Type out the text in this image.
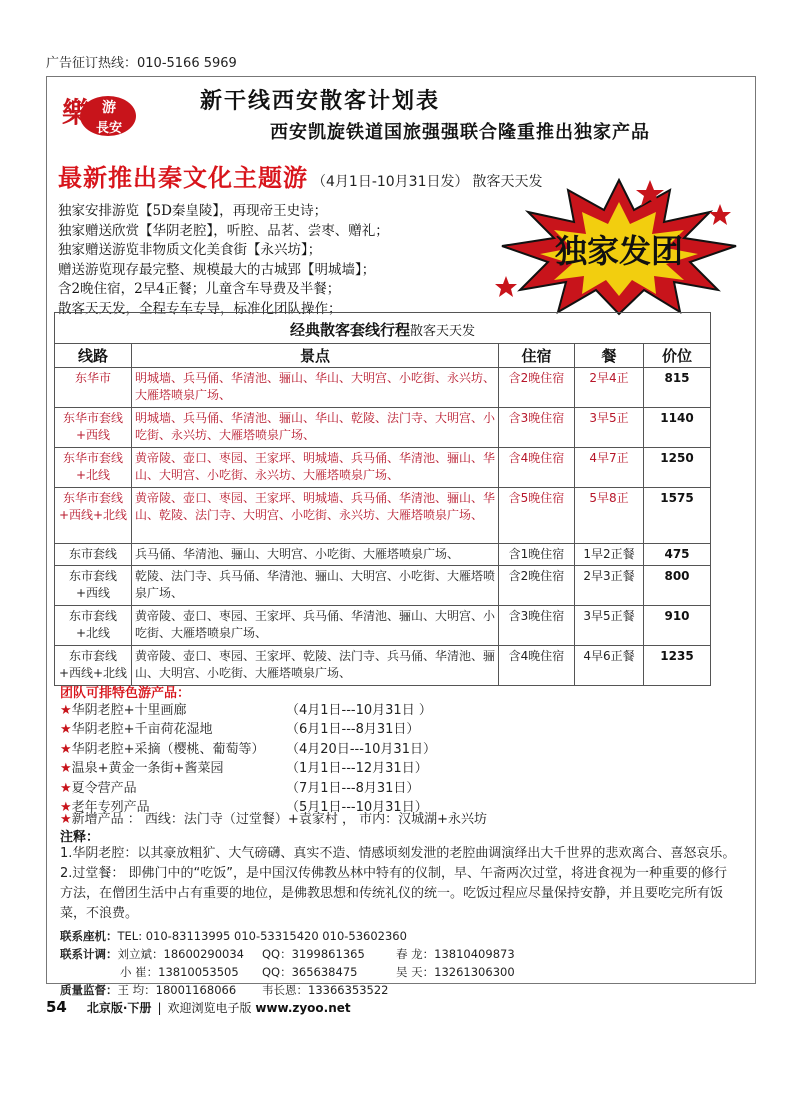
广告征订热线：010-5166 5969
樂 游
長安
新干线西安散客计划表
西安凯旋铁道国旅强强联合隆重推出独家产品
最新推出秦文化主题游 （4月1日-10月31日发） 散客天天发
独家安排游览【5D秦皇陵】，再现帝王史诗；
独家赠送欣赏【华阴老腔】，听腔、品茗、尝枣、赠礼；
独家赠送游览非物质文化美食街【永兴坊】；
赠送游览现存最完整、规模最大的古城郢【明城墙】；
含2晚住宿，2早4正餐；儿童含车导费及半餐；
散客天天发，全程专车专导，标准化团队操作；
独家发团
经典散客套线行程散客天天发				
线路	景点	住宿	餐	价位
东华市	明城墙、兵马俑、华清池、骊山、华山、大明宫、小吃街、永兴坊、大雁塔喷泉广场、	含2晚住宿	2早4正	815
东华市套线+西线	明城墙、兵马俑、华清池、骊山、华山、乾陵、法门寺、大明宫、小吃街、永兴坊、大雁塔喷泉广场、	含3晚住宿	3早5正	1140
东华市套线+北线	黄帝陵、壶口、枣园、王家坪、明城墙、兵马俑、华清池、骊山、华山、大明宫、小吃街、永兴坊、大雁塔喷泉广场、	含4晚住宿	4早7正	1250
东华市套线+西线+北线	黄帝陵、壶口、枣园、王家坪、明城墙、兵马俑、华清池、骊山、华山、乾陵、法门寺、大明宫、小吃街、永兴坊、大雁塔喷泉广场、	含5晚住宿	5早8正	1575
东市套线	兵马俑、华清池、骊山、大明宫、小吃街、大雁塔喷泉广场、	含1晚住宿	1早2正餐	475
东市套线+西线	乾陵、法门寺、兵马俑、华清池、骊山、大明宫、小吃街、大雁塔喷泉广场、	含2晚住宿	2早3正餐	800
东市套线+北线	黄帝陵、壶口、枣园、王家坪、兵马俑、华清池、骊山、大明宫、小吃街、大雁塔喷泉广场、	含3晚住宿	3早5正餐	910
东市套线+西线+北线	黄帝陵、壶口、枣园、王家坪、乾陵、法门寺、兵马俑、华清池、骊山、大明宫、小吃街、大雁塔喷泉广场、	含4晚住宿	4早6正餐	1235
团队可排特色游产品：
★华阴老腔+十里画廊	（4月1日---10月31日 ）
★华阴老腔+千亩荷花湿地	（6月1日---8月31日）
★华阴老腔+采摘（樱桃、葡萄等） （4月20日---10月31日）
★温泉+黄金一条街+酱菜园	（1月1日---12月31日）
★夏令营产品	（7月1日---8月31日）
★老年专列产品	（5月1日---10月31日）
★新增产品 ： 西线：法门寺（过堂餐）+袁家村 ， 市内：汉城湖+永兴坊
注释：
1.华阴老腔：以其豪放粗犷、大气磅礴、真实不造、情感顷刻发泄的老腔曲调演绎出大千世界的悲欢离合、喜怒哀乐。
2.过堂餐： 即佛门中的“吃饭”，是中国汉传佛教丛林中特有的仪制，早、午斋两次过堂，将进食视为一种重要的修行方法，在僧团生活中占有重要的地位，是佛教思想和传统礼仪的统一。吃饭过程应尽量保持安静，并且要吃完所有饭菜，不浪费。
联系座机：TEL: 010-83113995 010-53315420 010-53602360
联系计调：刘立斌：18600290034 QQ：3199861365	春 龙：13810409873
小 崔：13810053505 QQ：365638475	吴 天：13261306300
质量监督：王 均：18001168066 韦长恩：13366353522
54 北京版·下册 | 欢迎浏览电子版 www.zyoo.net
